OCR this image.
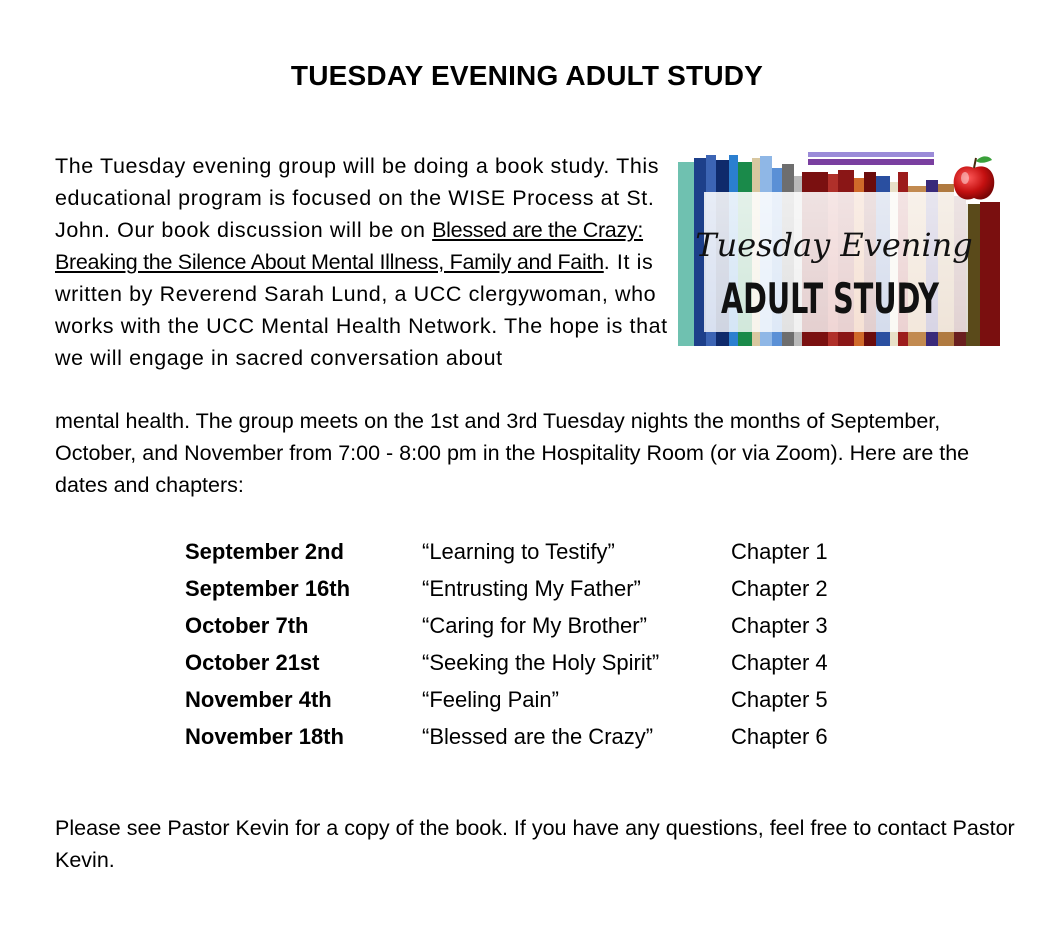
TUESDAY EVENING ADULT STUDY
The Tuesday evening group will be doing a book study. This educational program is focused on the WISE Process at St. John. Our book discussion will be on Blessed are the Crazy: Breaking the Silence About Mental Illness, Family and Faith. It is written by Reverend Sarah Lund, a UCC clergywoman, who works with the UCC Mental Health Network. The hope is that we will engage in sacred conversation about
Tuesday Evening
ADULT STUDY
mental health. The group meets on the 1st and 3rd Tuesday nights the months of September, October, and November from 7:00 - 8:00 pm in the Hospitality Room (or via Zoom). Here are the dates and chapters:
September 2nd	“Learning to Testify”	Chapter 1
September 16th	“Entrusting My Father”	Chapter 2
October 7th	“Caring for My Brother”	Chapter 3
October 21st	“Seeking the Holy Spirit”	Chapter 4
November 4th	“Feeling Pain”	Chapter 5
November 18th	“Blessed are the Crazy”	Chapter 6
Please see Pastor Kevin for a copy of the book. If you have any questions, feel free to contact Pastor Kevin.
